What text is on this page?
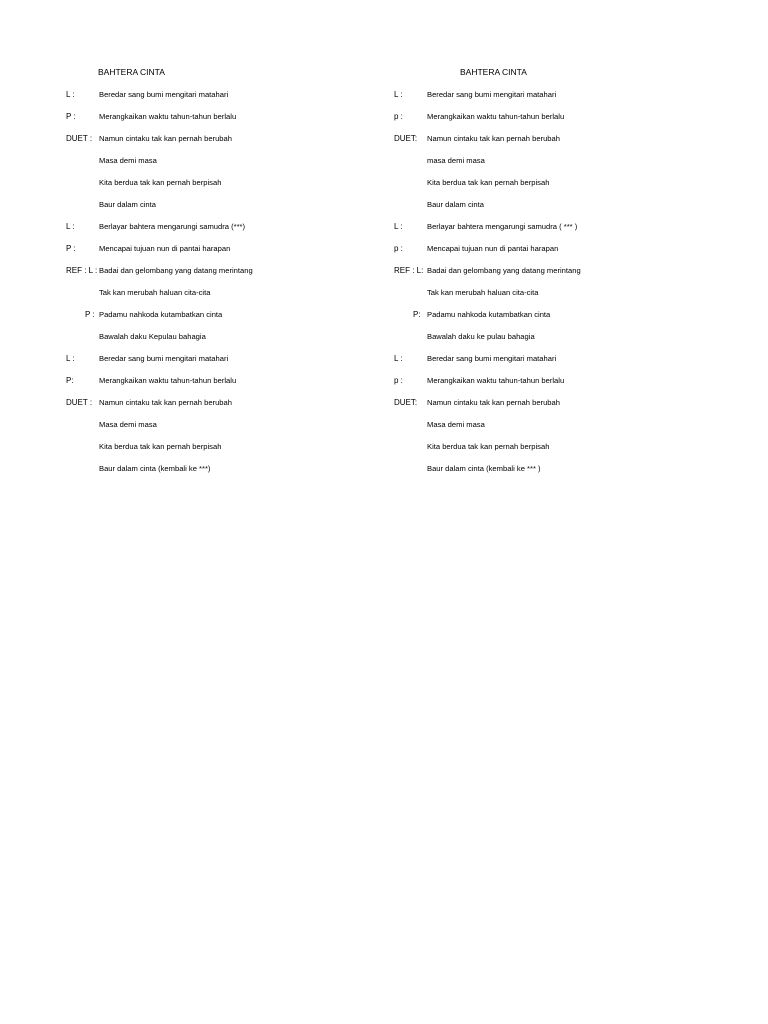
BAHTERA CINTA
L :	Beredar sang bumi mengitari matahari
P :	Merangkaikan waktu tahun-tahun berlalu
DUET : Namun cintaku tak kan pernah berubah
Masa demi masa
Kita berdua tak kan pernah berpisah
Baur dalam cinta
L :	Berlayar bahtera mengarungi samudra (***)
P :	Mencapai tujuan nun di pantai harapan
REF : L : Badai dan gelombang yang datang merintang
Tak kan merubah haluan cita-cita
P : Padamu nahkoda kutambatkan cinta
Bawalah daku Kepulau bahagia
L :	Beredar sang bumi mengitari matahari
P:	Merangkaikan waktu tahun-tahun berlalu
DUET : Namun cintaku tak kan pernah berubah
Masa demi masa
Kita berdua tak kan pernah berpisah
Baur dalam cinta (kembali ke ***)
BAHTERA CINTA
L :	Beredar sang bumi mengitari matahari
p :	Merangkaikan waktu tahun-tahun berlalu
DUET: Namun cintaku tak kan pernah berubah
masa demi masa
Kita berdua tak kan pernah berpisah
Baur dalam cinta
L :	Berlayar bahtera mengarungi samudra ( *** )
p :	Mencapai tujuan nun di pantai harapan
REF : L: Badai dan gelombang yang datang merintang
Tak kan merubah haluan cita-cita
P: Padamu nahkoda kutambatkan cinta
Bawalah daku ke pulau bahagia
L :	Beredar sang bumi mengitari matahari
p :	Merangkaikan waktu tahun-tahun berlalu
DUET: Namun cintaku tak kan pernah berubah
Masa demi masa
Kita berdua tak kan pernah berpisah
Baur dalam cinta (kembali ke *** )
